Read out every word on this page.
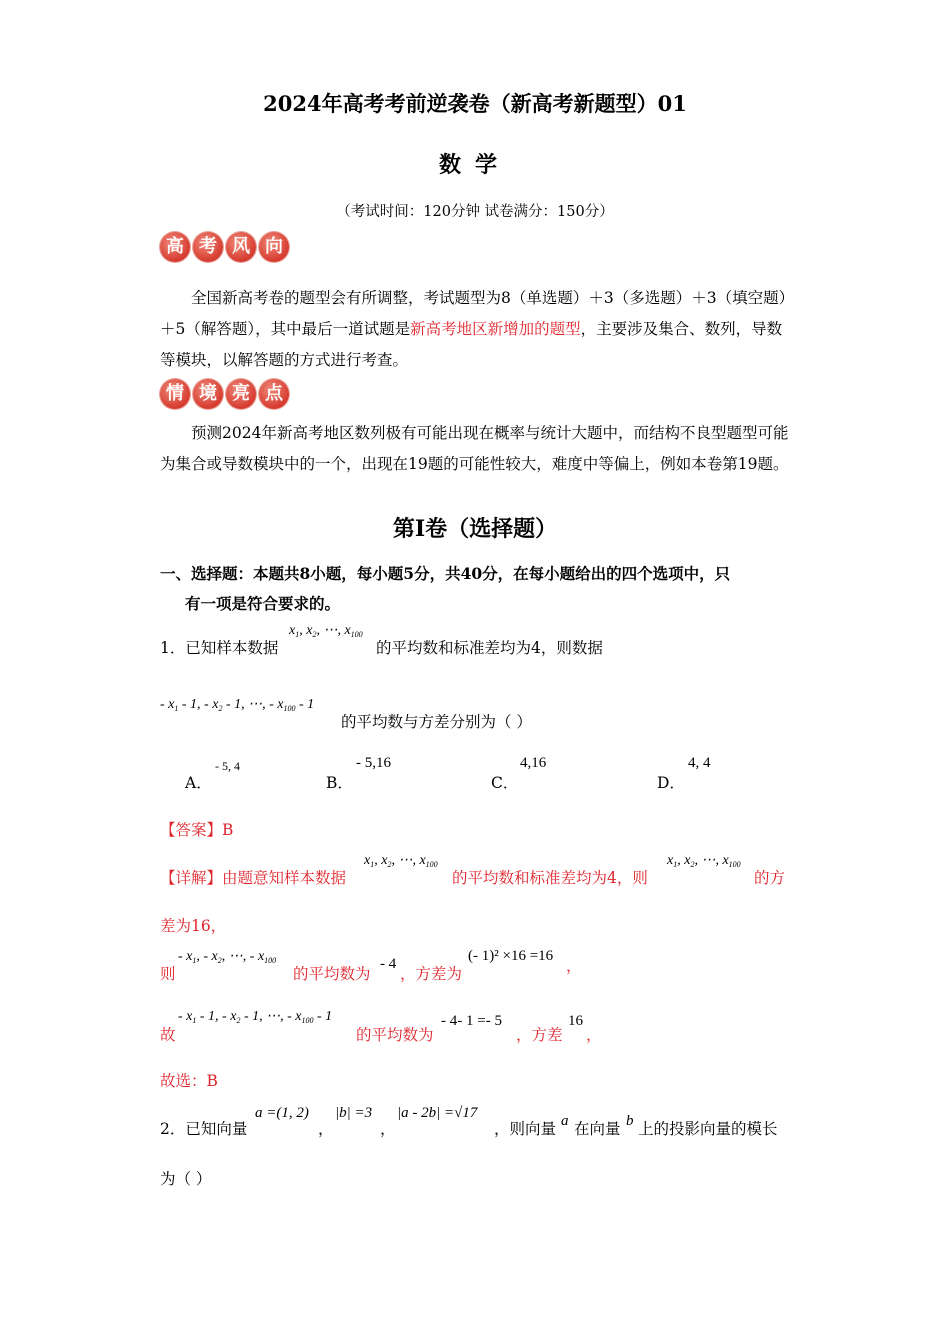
2024年高考考前逆袭卷（新高考新题型）01
数学
（考试时间：120分钟 试卷满分：150分）
高 考 风 向
全国新高考卷的题型会有所调整，考试题型为8（单选题）＋3（多选题）＋3（填空题）＋5（解答题），其中最后一道试题是新高考地区新增加的题型，主要涉及集合、数列，导数等模块，以解答题的方式进行考查。
情 境 亮 点
预测2024年新高考地区数列极有可能出现在概率与统计大题中，而结构不良型题型可能为集合或导数模块中的一个，出现在19题的可能性较大，难度中等偏上，例如本卷第19题。
第I卷（选择题）
一、选择题：本题共8小题，每小题5分，共40分，在每小题给出的四个选项中，只
有一项是符合要求的。
1．已知样本数据
$x_1$, $x_2$, ⋯, $x_{100}$
的平均数和标准差均为4，则数据
- $x_1 - 1$, - $x_2 - 1$, ⋯, - $x_{100} - 1$
的平均数与方差分别为（ ）
A．
- 5, 4
B．
- 5,16
C．
4,16
D．
4, 4
【答案】B
【详解】由题意知样本数据
$x_1$, $x_2$, ⋯, $x_{100}$
的平均数和标准差均为4，则
$x_1$, $x_2$, ⋯, $x_{100}$
的方
差为16，
则
- $x_1$, - $x_2$, ⋯, - $x_{100}$
的平均数为
- 4
，方差为
(- 1)² ×16 =16
，
故
- $x_1 - 1$, - $x_2 - 1$, ⋯, - $x_{100} - 1$
的平均数为
- 4- 1 =- 5
，方差
16
，
故选：B
2．已知向量
a =(1, 2)
，
|b| =3
，
|a - 2b| =√17
，则向量 a 在向量 b 上的投影向量的模长
为（ ）
